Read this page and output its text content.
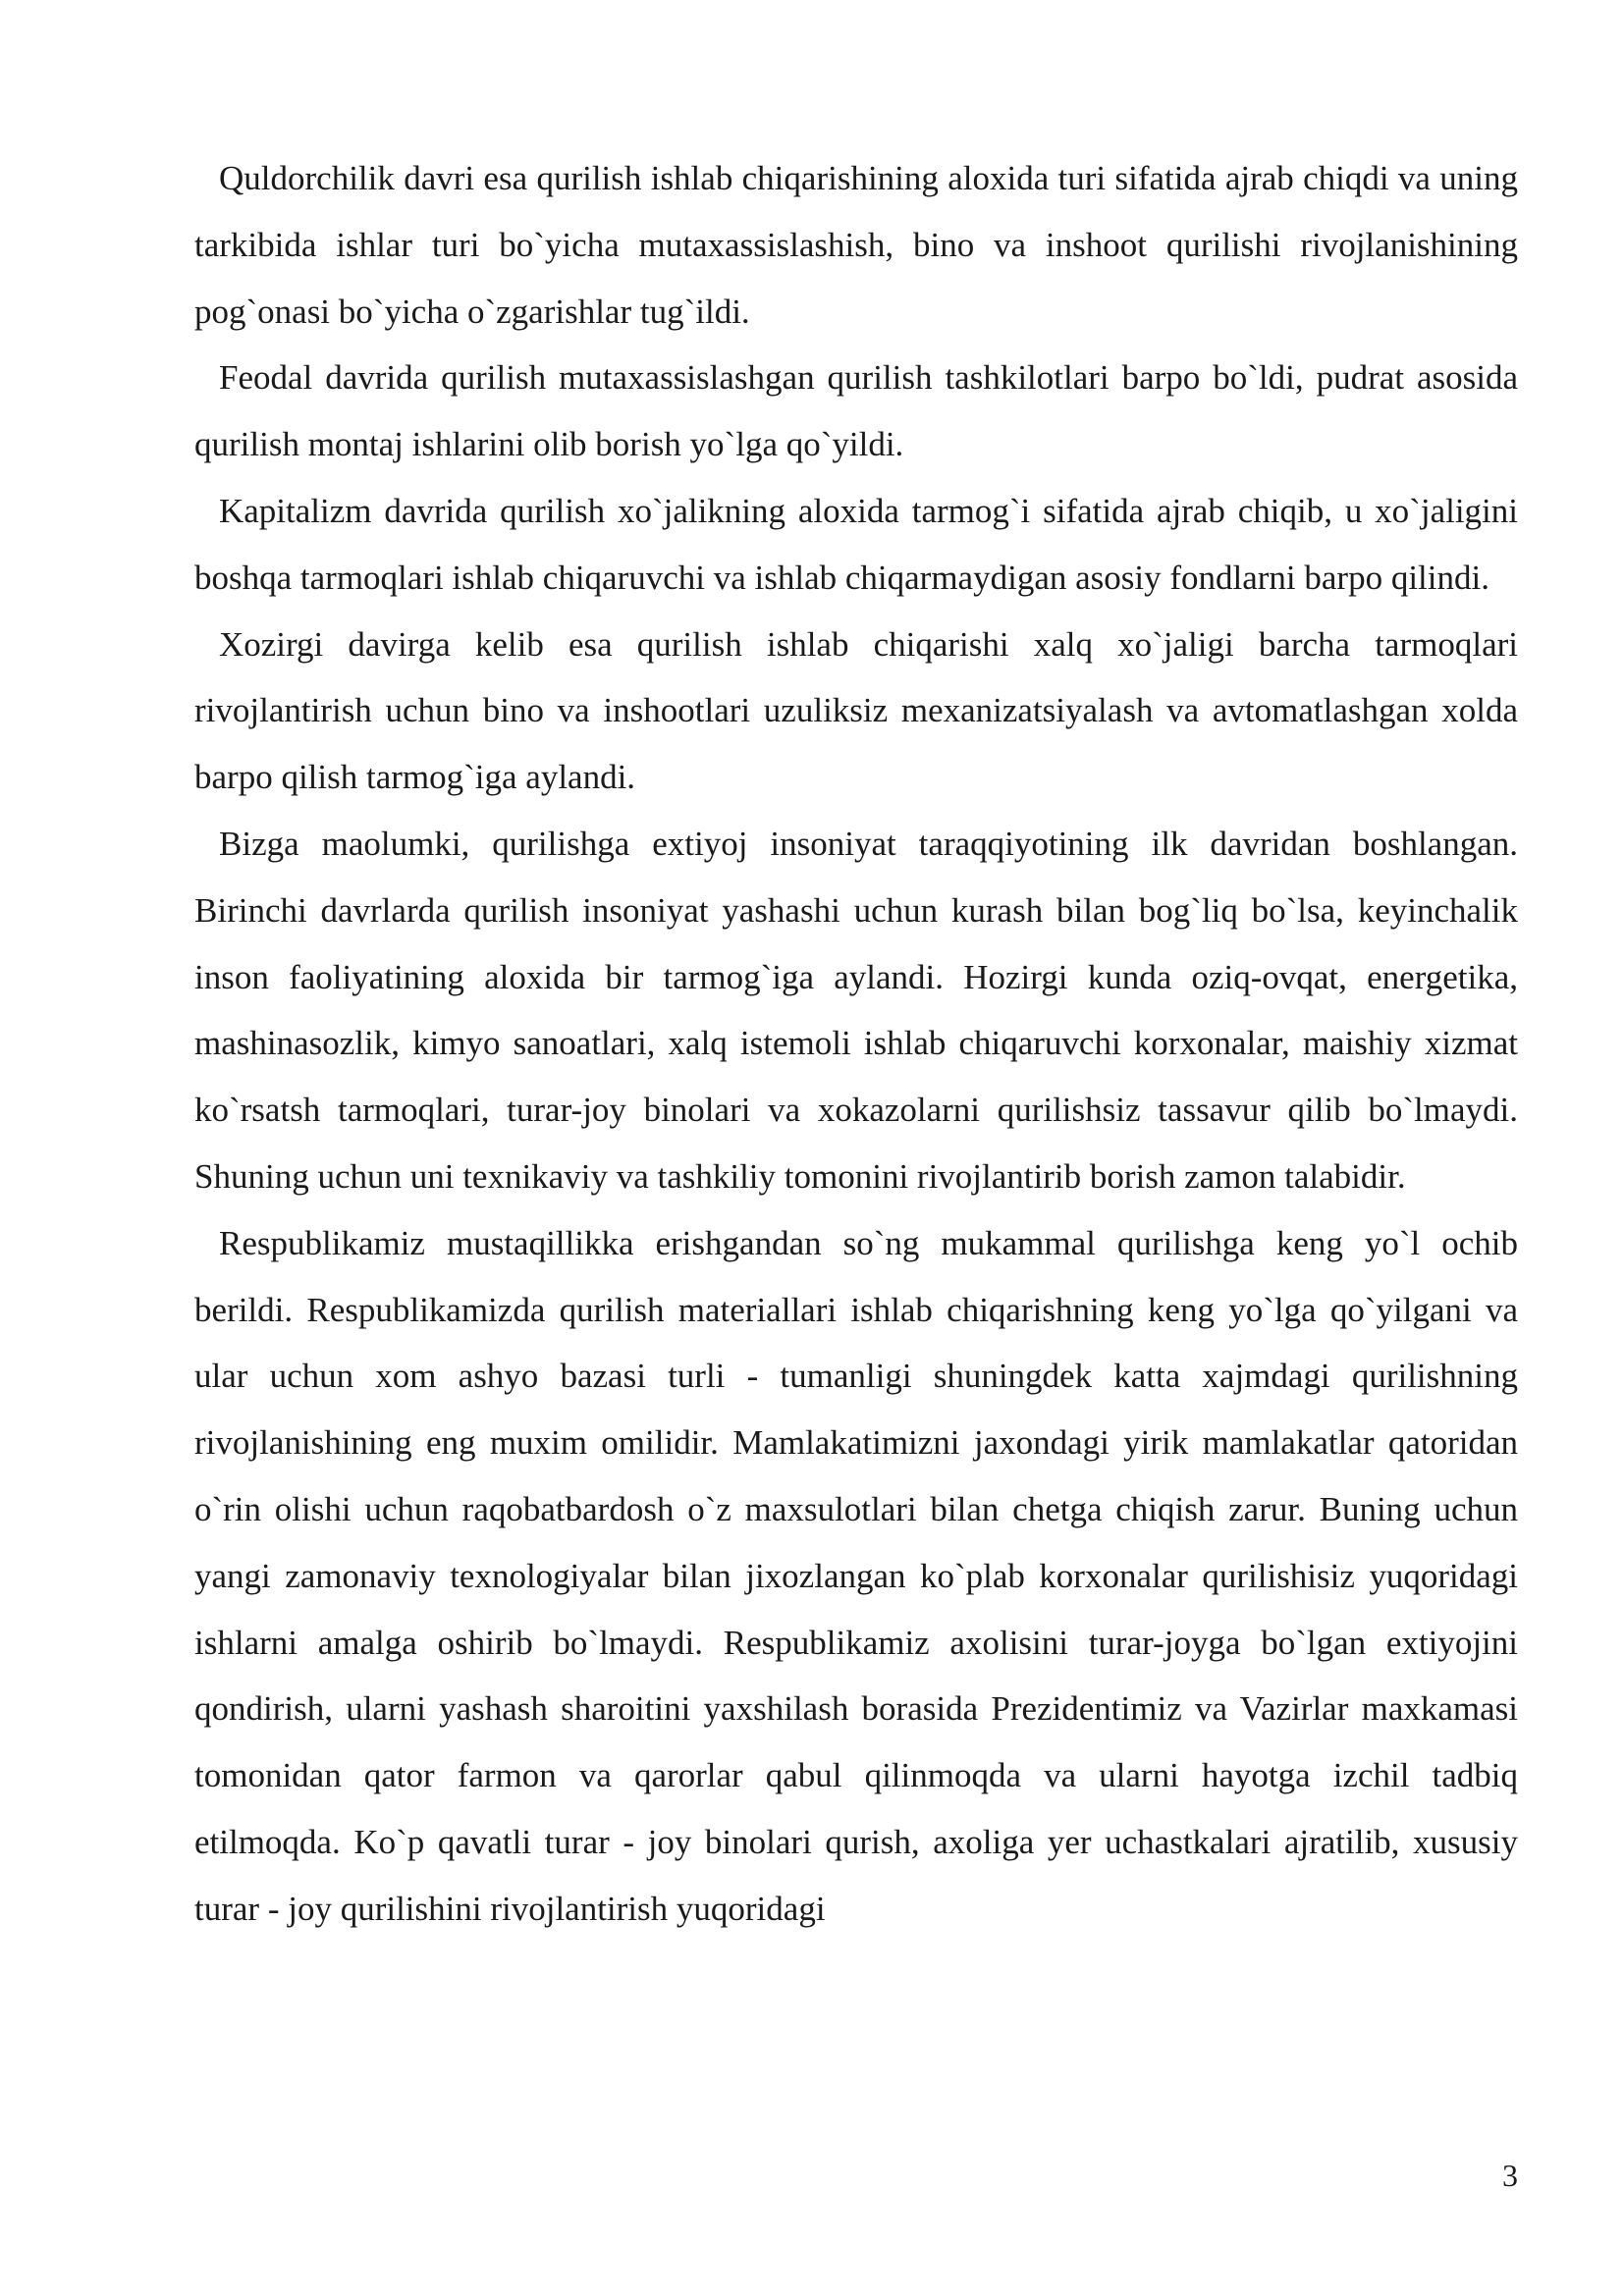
Quldorchilik davri esa qurilish ishlab chiqarishining aloxida turi sifatida ajrab chiqdi va uning tarkibida ishlar turi bo`yicha mutaxassislashish, bino va inshoot qurilishi rivojlanishining pog`onasi bo`yicha o`zgarishlar tug`ildi.

Feodal davrida qurilish mutaxassislashgan qurilish tashkilotlari barpo bo`ldi, pudrat asosida qurilish montaj ishlarini olib borish yo`lga qo`yildi.

Kapitalizm davrida qurilish xo`jalikning aloxida tarmog`i sifatida ajrab chiqib, u xo`jaligini boshqa tarmoqlari ishlab chiqaruvchi va ishlab chiqarmaydigan asosiy fondlarni barpo qilindi.

Xozirgi davirga kelib esa qurilish ishlab chiqarishi xalq xo`jaligi barcha tarmoqlari rivojlantirish uchun bino va inshootlari uzuliksiz mexanizatsiyalash va avtomatlashgan xolda barpo qilish tarmog`iga aylandi.

Bizga maolumki, qurilishga extiyoj insoniyat taraqqiyotining ilk davridan boshlangan. Birinchi davrlarda qurilish insoniyat yashashi uchun kurash bilan bog`liq bo`lsa, keyinchalik inson faoliyatining aloxida bir tarmog`iga aylandi. Hozirgi kunda oziq-ovqat, energetika, mashinasozlik, kimyo sanoatlari, xalq istemoli ishlab chiqaruvchi korxonalar, maishiy xizmat ko`rsatsh tarmoqlari, turar-joy binolari va xokazolarni qurilishsiz tassavur qilib bo`lmaydi. Shuning uchun uni texnikaviy va tashkiliy tomonini rivojlantirib borish zamon talabidir.

Respublikamiz mustaqillikka erishgandan so`ng mukammal qurilishga keng yo`l ochib berildi. Respublikamizda qurilish materiallari ishlab chiqarishning keng yo`lga qo`yilgani va ular uchun xom ashyo bazasi turli - tumanligi shuningdek katta xajmdagi qurilishning rivojlanishining eng muxim omilidir. Mamlakatimizni jaxondagi yirik mamlakatlar qatoridan o`rin olishi uchun raqobatbardosh o`z maxsulotlari bilan chetga chiqish zarur. Buning uchun yangi zamonaviy texnologiyalar bilan jixozlangan ko`plab korxonalar qurilishisiz yuqoridagi ishlarni amalga oshirib bo`lmaydi. Respublikamiz axolisini turar-joyga bo`lgan extiyojini qondirish, ularni yashash sharoitini yaxshilash borasida Prezidentimiz va Vazirlar maxkamasi tomonidan qator farmon va qarorlar qabul qilinmoqda va ularni hayotga izchil tadbiq etilmoqda. Ko`p qavatli turar - joy binolari qurish, axoliga yer uchastkalari ajratilib, xususiy turar - joy qurilishini rivojlantirish yuqoridagi

3
